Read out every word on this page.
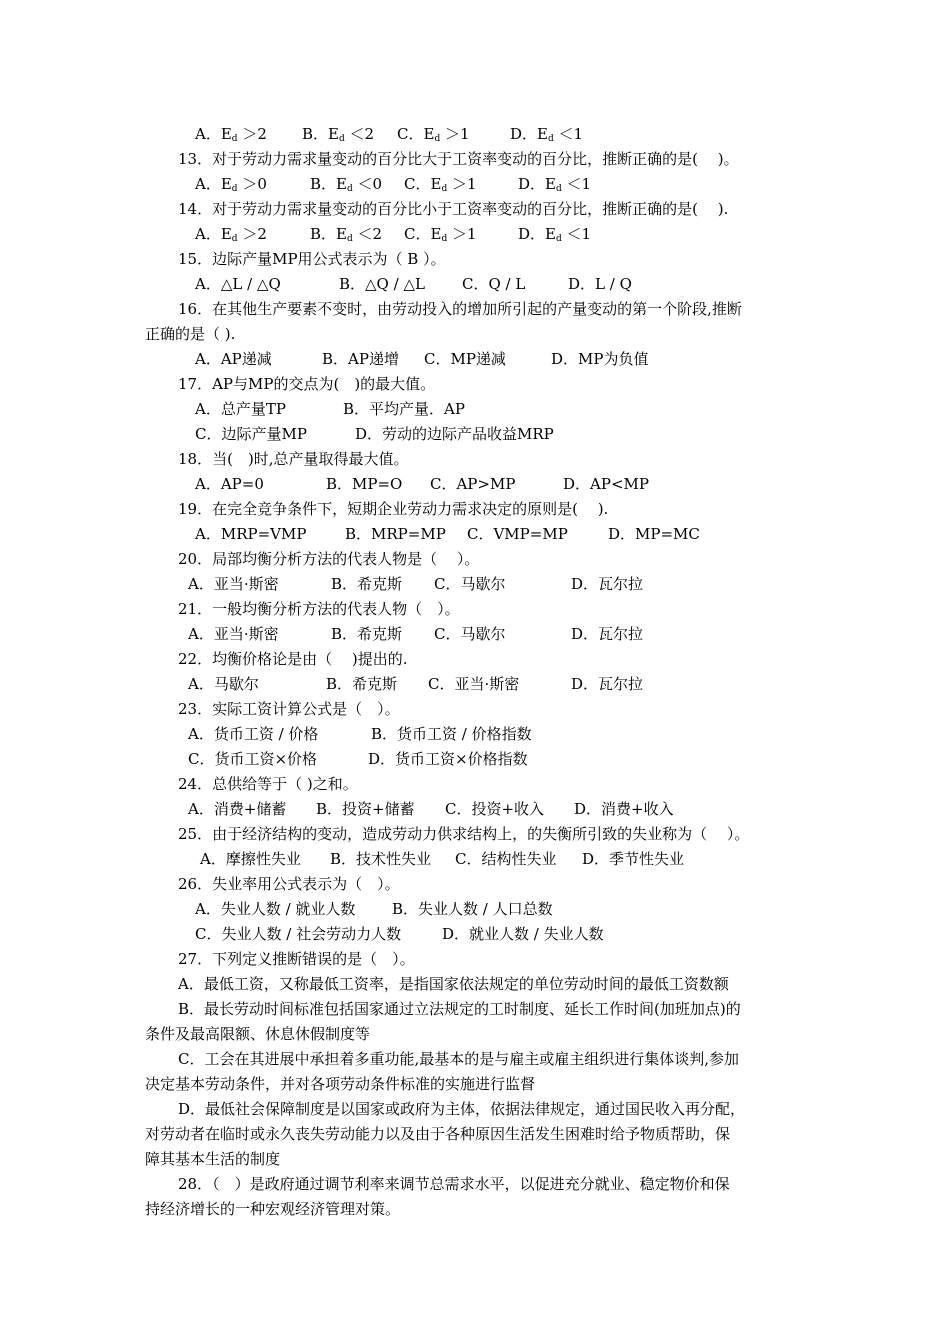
A．$E_d >2$ B．$E_d <2$ C．$E_d >1$	D．$E_d <1$
13．对于劳动力需求量变动的百分比大于工资率变动的百分比，推断正确的是(　 )。
A．$E_d >0$	B．$E_d <0$ C．$E_d >1$	D．$E_d <1$
14．对于劳动力需求量变动的百分比小于工资率变动的百分比，推断正确的是(　 ).
A．$E_d >2$	B．$E_d <2$ C．$E_d >1$	D．$E_d <1$
15．边际产量MP用公式表示为（ B ）。
A．△L / △Q	B．△Q / △L C．Q / L	D．L / Q
16．在其他生产要素不变时，由劳动投入的增加所引起的产量变动的第一个阶段,推断
正确的是（ ).
A．AP递减	B．AP递增 C．MP递减	D．MP为负值
17．AP与MP的交点为(　)的最大值。
A．总产量TP	B．平均产量．AP
C．边际产量MP	D．劳动的边际产品收益MRP
18．当(　)时,总产量取得最大值。
A．AP=0	B．MP=O C．AP>MP	D．AP<MP
19．在完全竞争条件下，短期企业劳动力需求决定的原则是(　 ).
A．MRP=VMP	B．MRP=MP C．VMP=MP	D．MP=MC
20．局部均衡分析方法的代表人物是（　 ）。
A．亚当·斯密	B．希克斯 C．马歇尔	D．瓦尔拉
21．一般均衡分析方法的代表人物（　）。
A．亚当·斯密	B．希克斯 C．马歇尔	D．瓦尔拉
22．均衡价格论是由（　 )提出的.
A．马歇尔	B．希克斯 C．亚当·斯密	D．瓦尔拉
23．实际工资计算公式是（　）。
A．货币工资 / 价格	B．货币工资 / 价格指数
C．货币工资×价格	D．货币工资×价格指数
24．总供给等于（ )之和。
A．消费+储蓄 B．投资+储蓄 C．投资+收入 D．消费+收入
25．由于经济结构的变动，造成劳动力供求结构上，的失衡所引致的失业称为（　 ）。
A．摩擦性失业 B．技术性失业 C．结构性失业 D．季节性失业
26．失业率用公式表示为（　）。
A．失业人数 / 就业人数 B．失业人数 / 人口总数
C．失业人数 / 社会劳动力人数	D．就业人数 / 失业人数
27．下列定义推断错误的是（　）。
A．最低工资，又称最低工资率，是指国家依法规定的单位劳动时间的最低工资数额
B．最长劳动时间标准包括国家通过立法规定的工时制度、延长工作时间(加班加点)的
条件及最高限额、休息休假制度等
C．工会在其进展中承担着多重功能,最基本的是与雇主或雇主组织进行集体谈判,参加
决定基本劳动条件，并对各项劳动条件标准的实施进行监督
D．最低社会保障制度是以国家或政府为主体，依据法律规定，通过国民收入再分配，
对劳动者在临时或永久丧失劳动能力以及由于各种原因生活发生困难时给予物质帮助，保
障其基本生活的制度
28．（　）是政府通过调节利率来调节总需求水平，以促进充分就业、稳定物价和保
持经济增长的一种宏观经济管理对策。
